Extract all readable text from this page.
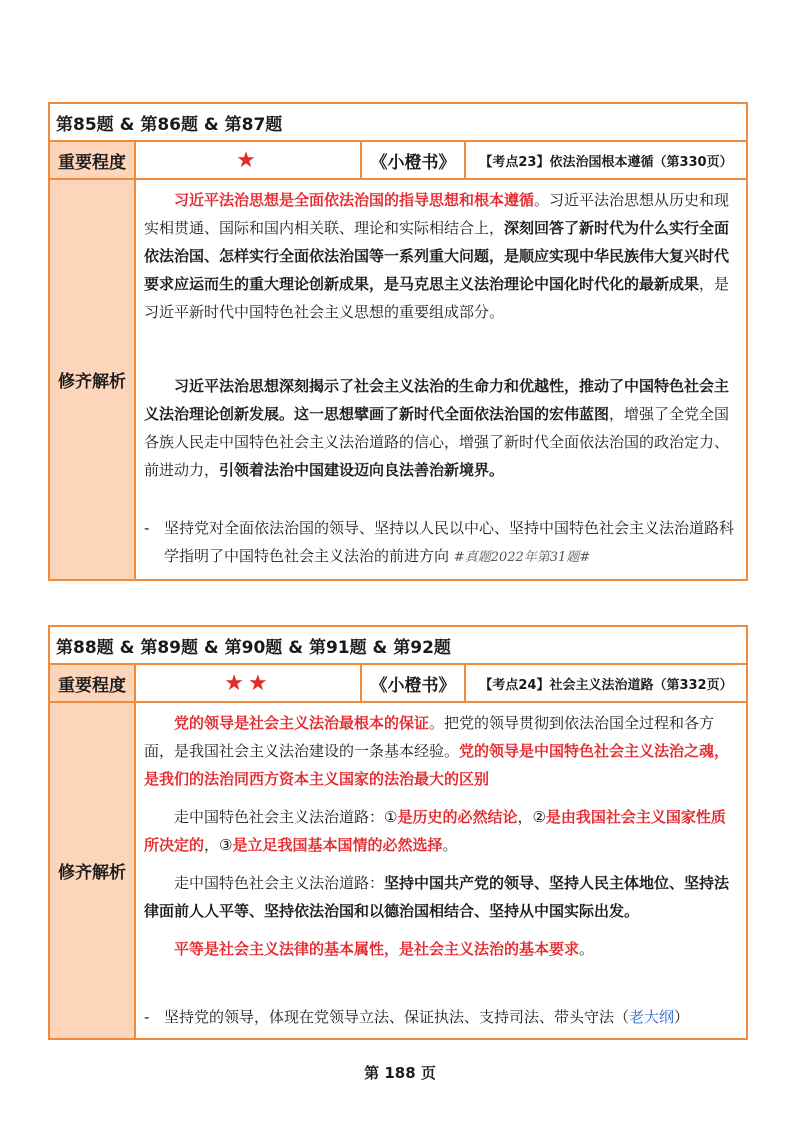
第85题 & 第86题 & 第87题
重要程度	★	《小橙书》	【考点23】依法治国根本遵循（第330页）
修齐解析

习近平法治思想是全面依法治国的指导思想和根本遵循。习近平法治思想从历史和现实相贯通、国际和国内相关联、理论和实际相结合上，深刻回答了新时代为什么实行全面依法治国、怎样实行全面依法治国等一系列重大问题，是顺应实现中华民族伟大复兴时代要求应运而生的重大理论创新成果，是马克思主义法治理论中国化时代化的最新成果，是习近平新时代中国特色社会主义思想的重要组成部分。

习近平法治思想深刻揭示了社会主义法治的生命力和优越性，推动了中国特色社会主义法治理论创新发展。这一思想擘画了新时代全面依法治国的宏伟蓝图，增强了全党全国各族人民走中国特色社会主义法治道路的信心，增强了新时代全面依法治国的政治定力、前进动力，引领着法治中国建设迈向良法善治新境界。

- 坚持党对全面依法治国的领导、坚持以人民以中心、坚持中国特色社会主义法治道路科学指明了中国特色社会主义法治的前进方向 #真题2022年第31题#
第88题 & 第89题 & 第90题 & 第91题 & 第92题
重要程度	★★	《小橙书》	【考点24】社会主义法治道路（第332页）
修齐解析

党的领导是社会主义法治最根本的保证。把党的领导贯彻到依法治国全过程和各方面，是我国社会主义法治建设的一条基本经验。党的领导是中国特色社会主义法治之魂，是我们的法治同西方资本主义国家的法治最大的区别

走中国特色社会主义法治道路：①是历史的必然结论，②是由我国社会主义国家性质所决定的，③是立足我国基本国情的必然选择。

走中国特色社会主义法治道路：坚持中国共产党的领导、坚持人民主体地位、坚持法律面前人人平等、坚持依法治国和以德治国相结合、坚持从中国实际出发。

平等是社会主义法律的基本属性，是社会主义法治的基本要求。

- 坚持党的领导，体现在党领导立法、保证执法、支持司法、带头守法（老大纲）
第 188 页
